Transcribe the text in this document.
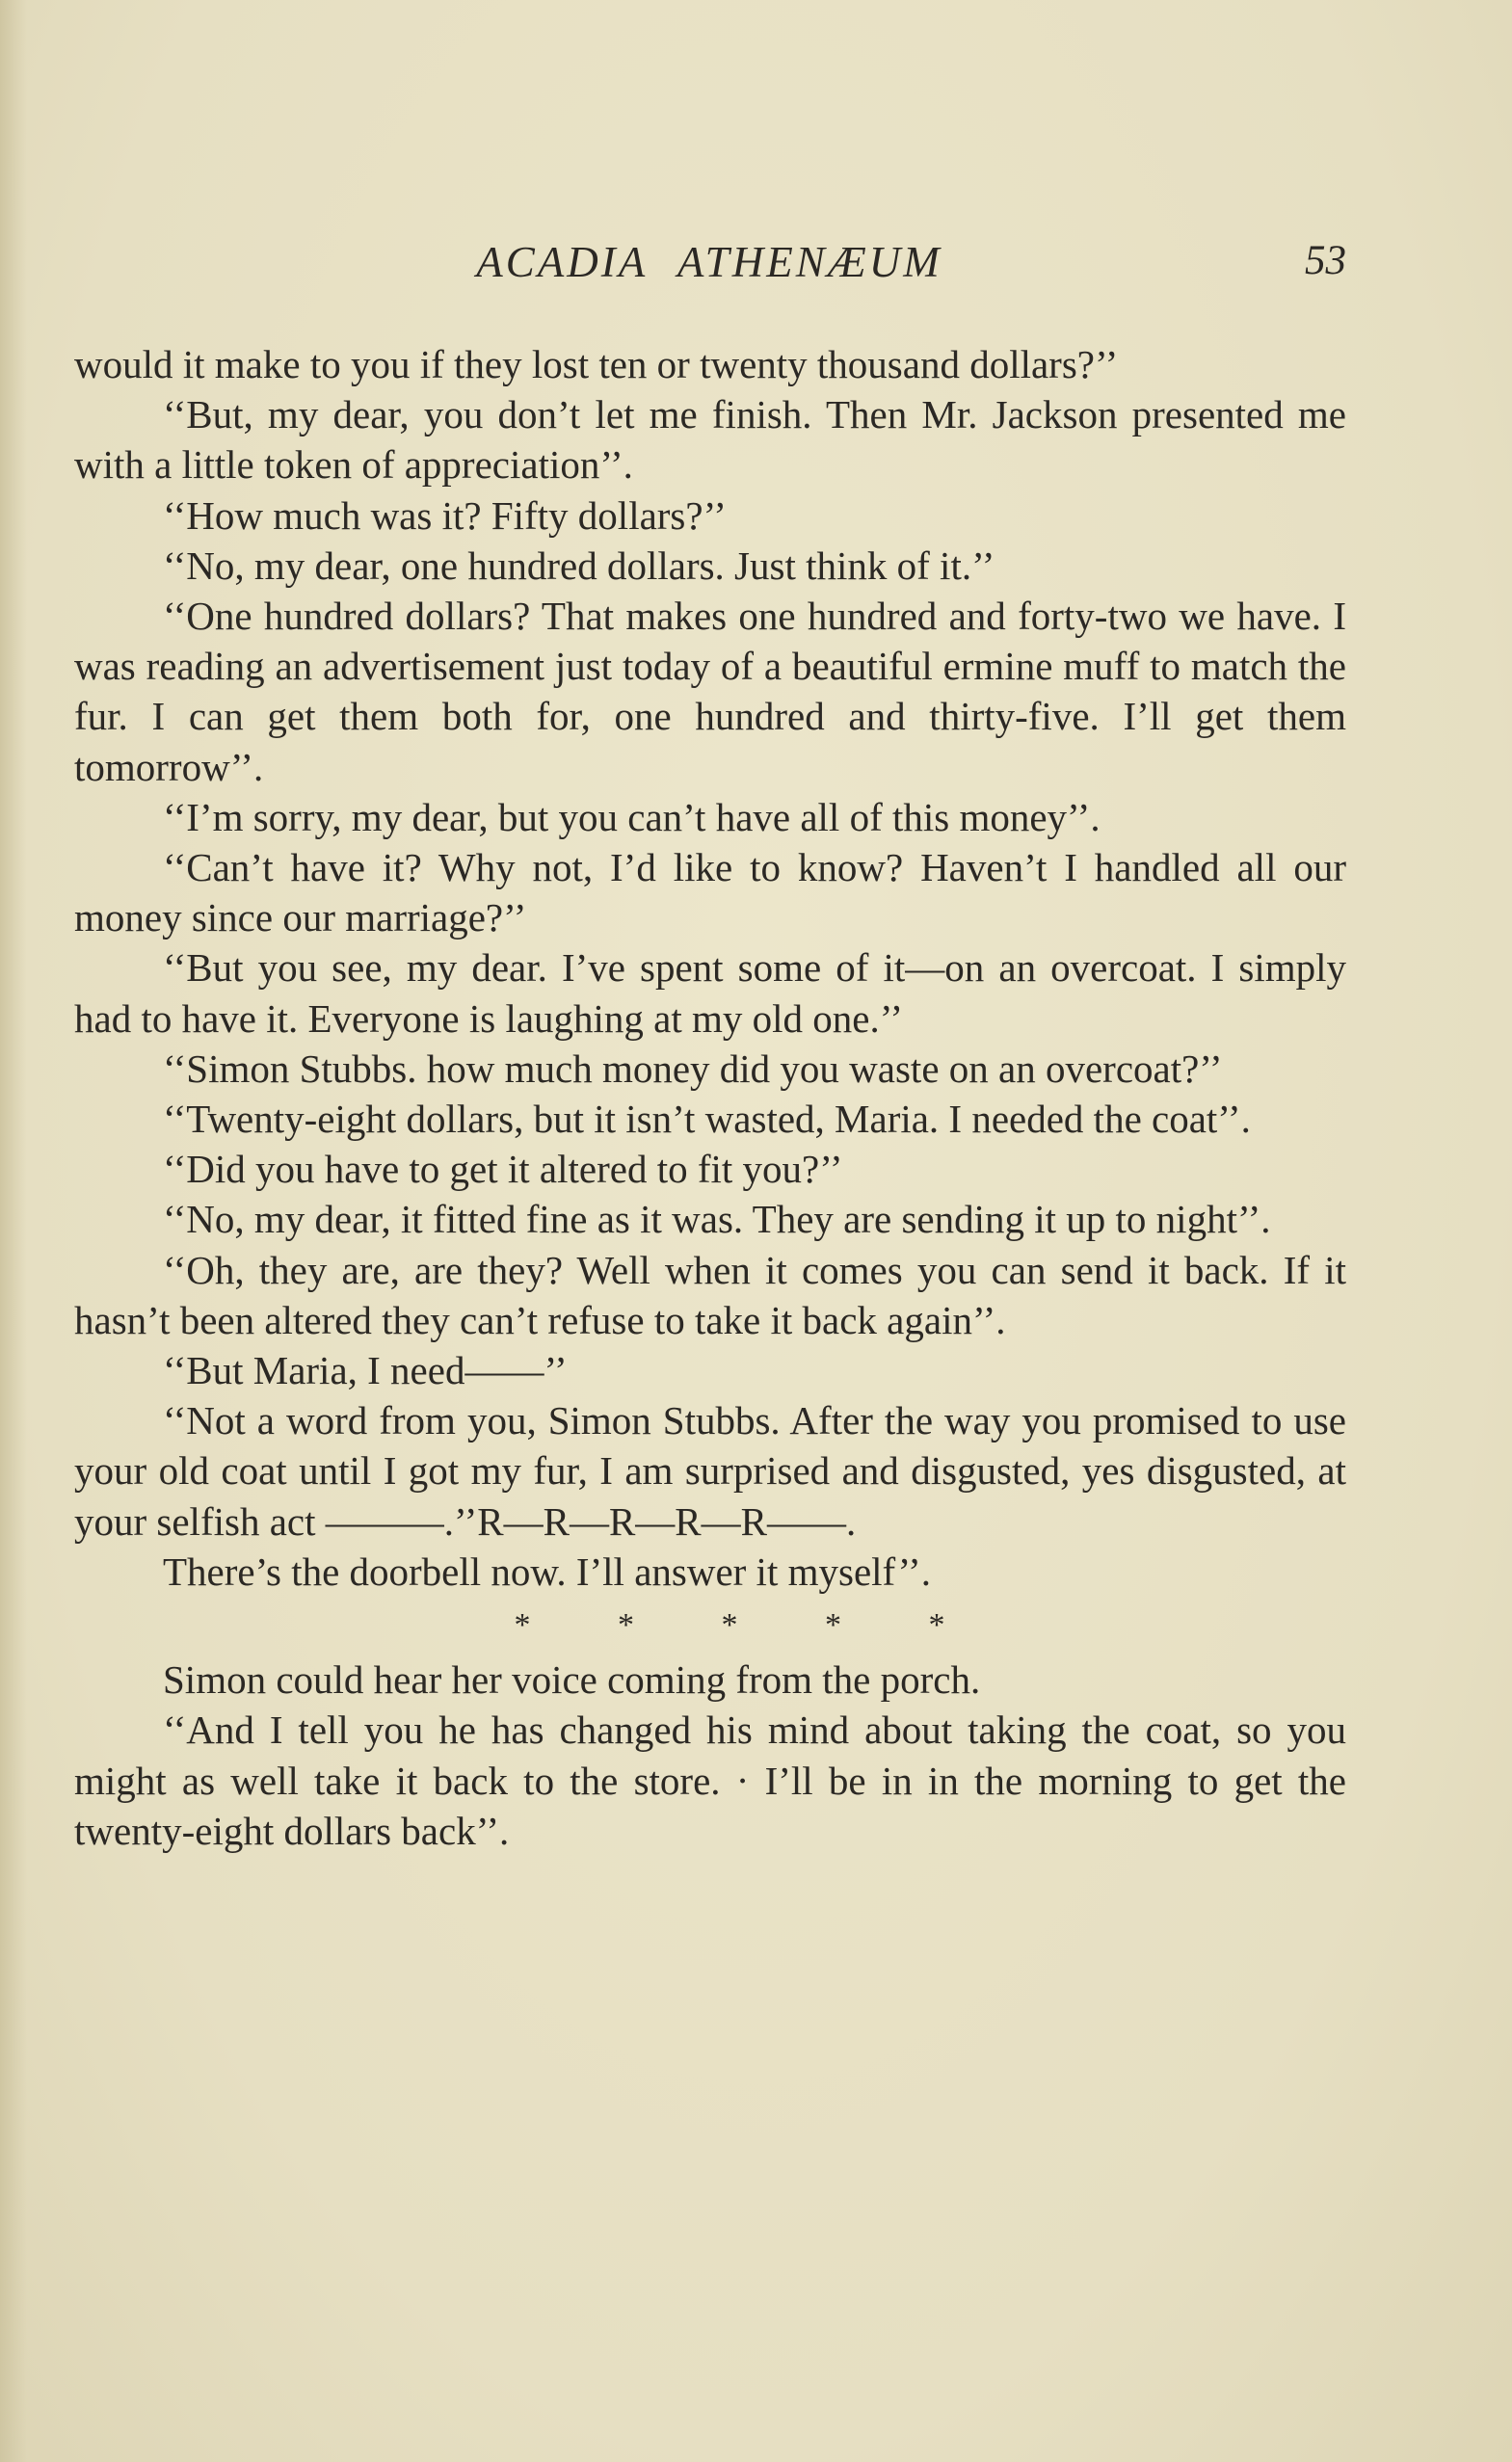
ACADIA ATHENÆUM	53

would it make to you if they lost ten or twenty thousand dollars?’’

‘‘But, my dear, you don’t let me finish. Then Mr. Jackson presented me with a little token of appreciation’’.

‘‘How much was it? Fifty dollars?’’

‘‘No, my dear, one hundred dollars. Just think of it.’’

‘‘One hundred dollars? That makes one hundred and forty-two we have. I was reading an advertisement just today of a beautiful ermine muff to match the fur. I can get them both for, one hundred and thirty-five. I’ll get them tomorrow’’.

‘‘I’m sorry, my dear, but you can’t have all of this money’’.

‘‘Can’t have it? Why not, I’d like to know? Haven’t I handled all our money since our marriage?’’

‘‘But you see, my dear. I’ve spent some of it—on an overcoat. I simply had to have it. Everyone is laughing at my old one.’’

‘‘Simon Stubbs. how much money did you waste on an overcoat?’’

‘‘Twenty-eight dollars, but it isn’t wasted, Maria. I needed the coat’’.

‘‘Did you have to get it altered to fit you?’’

‘‘No, my dear, it fitted fine as it was. They are sending it up to night’’.

‘‘Oh, they are, are they? Well when it comes you can send it back. If it hasn’t been altered they can’t refuse to take it back again’’.

‘‘But Maria, I need——’’

‘‘Not a word from you, Simon Stubbs. After the way you promised to use your old coat until I got my fur, I am surprised and disgusted, yes disgusted, at your selfish act ———.’’R—R—R—R—R——.

There’s the doorbell now. I’ll answer it myself’’.

* * * * *

Simon could hear her voice coming from the porch.

‘‘And I tell you he has changed his mind about taking the coat, so you might as well take it back to the store. · I’ll be in in the morning to get the twenty-eight dollars back’’.
